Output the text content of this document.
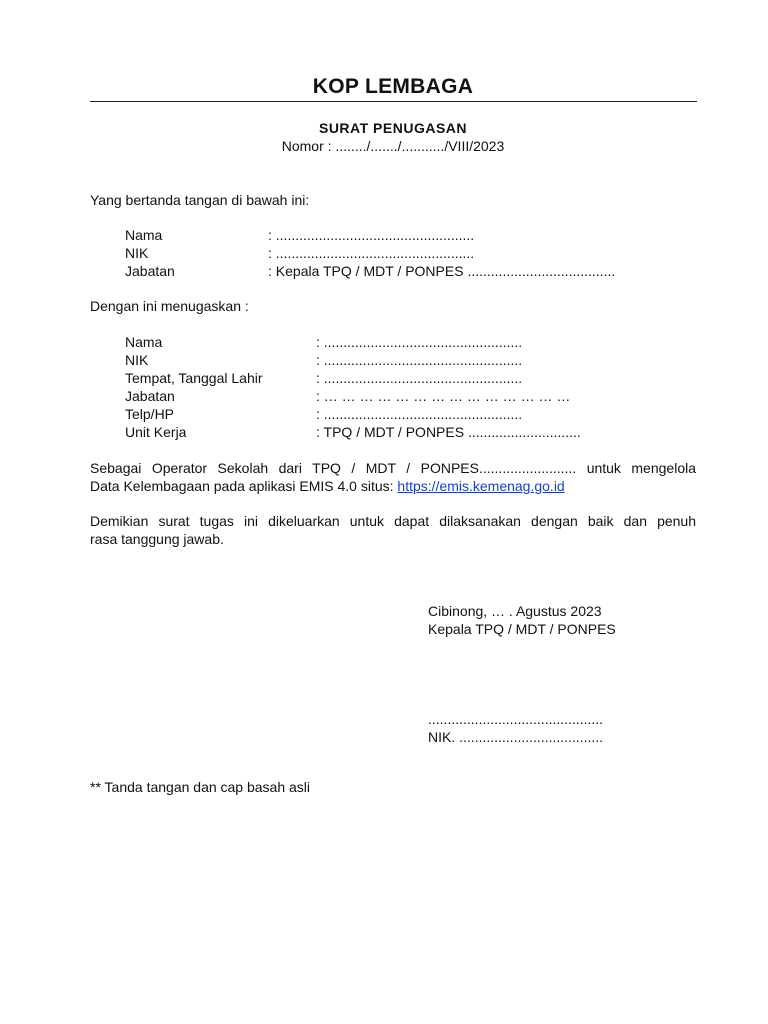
KOP LEMBAGA
SURAT PENUGASAN
Nomor : ......../......./.........../VIII/2023
Yang bertanda tangan di bawah ini:
Nama	: ...................................................
NIK	: ...................................................
Jabatan	: Kepala TPQ / MDT / PONPES ......................................
Dengan ini menugaskan :
Nama	: ...................................................
NIK	: ...................................................
Tempat, Tanggal Lahir	: ...................................................
Jabatan	: … … … … … … … … … … … … … …
Telp/HP	: ...................................................
Unit Kerja	: TPQ / MDT / PONPES .............................
Sebagai Operator Sekolah dari TPQ / MDT / PONPES......................... untuk mengelola
Data Kelembagaan pada aplikasi EMIS 4.0 situs: https://emis.kemenag.go.id
Demikian surat tugas ini dikeluarkan untuk dapat dilaksanakan dengan baik dan penuh
rasa tanggung jawab.
Cibinong, … . Agustus 2023
Kepala TPQ / MDT / PONPES
.............................................
NIK. .....................................
** Tanda tangan dan cap basah asli
